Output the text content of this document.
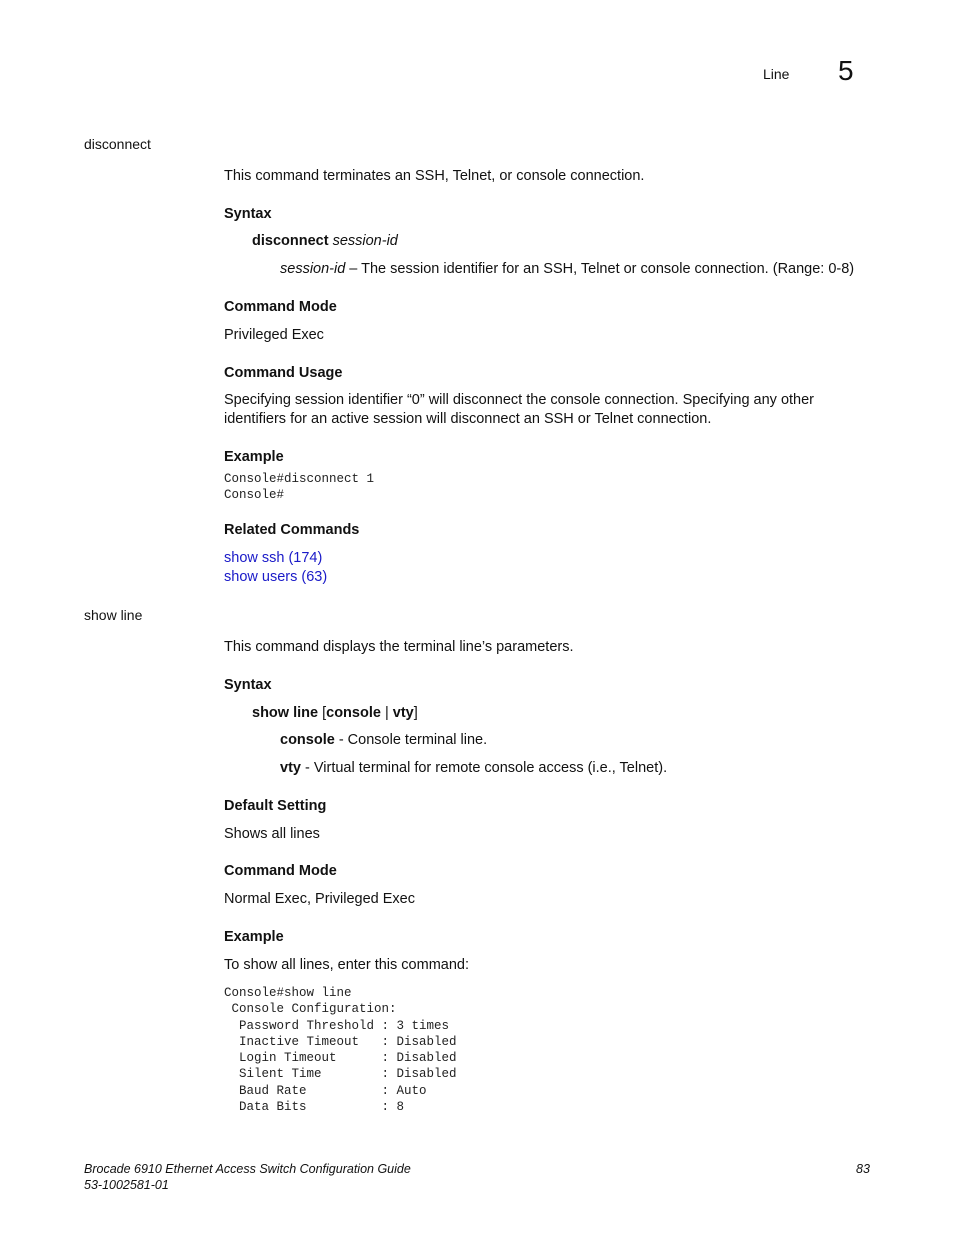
Line 5
disconnect
This command terminates an SSH, Telnet, or console connection.
Syntax
disconnect session-id
session-id – The session identifier for an SSH, Telnet or console connection. (Range: 0-8)
Command Mode
Privileged Exec
Command Usage
Specifying session identifier “0” will disconnect the console connection. Specifying any other
identifiers for an active session will disconnect an SSH or Telnet connection.
Example
Console#disconnect 1
Console#
Related Commands
show ssh (174)
show users (63)
show line
This command displays the terminal line’s parameters.
Syntax
show line [console | vty]
console - Console terminal line.
vty - Virtual terminal for remote console access (i.e., Telnet).
Default Setting
Shows all lines
Command Mode
Normal Exec, Privileged Exec
Example
To show all lines, enter this command:
Console#show line
Console Configuration:
Password Threshold : 3 times
Inactive Timeout   : Disabled
Login Timeout      : Disabled
Silent Time        : Disabled
Baud Rate          : Auto
Data Bits          : 8
Brocade 6910 Ethernet Access Switch Configuration Guide
53-1002581-01
83
